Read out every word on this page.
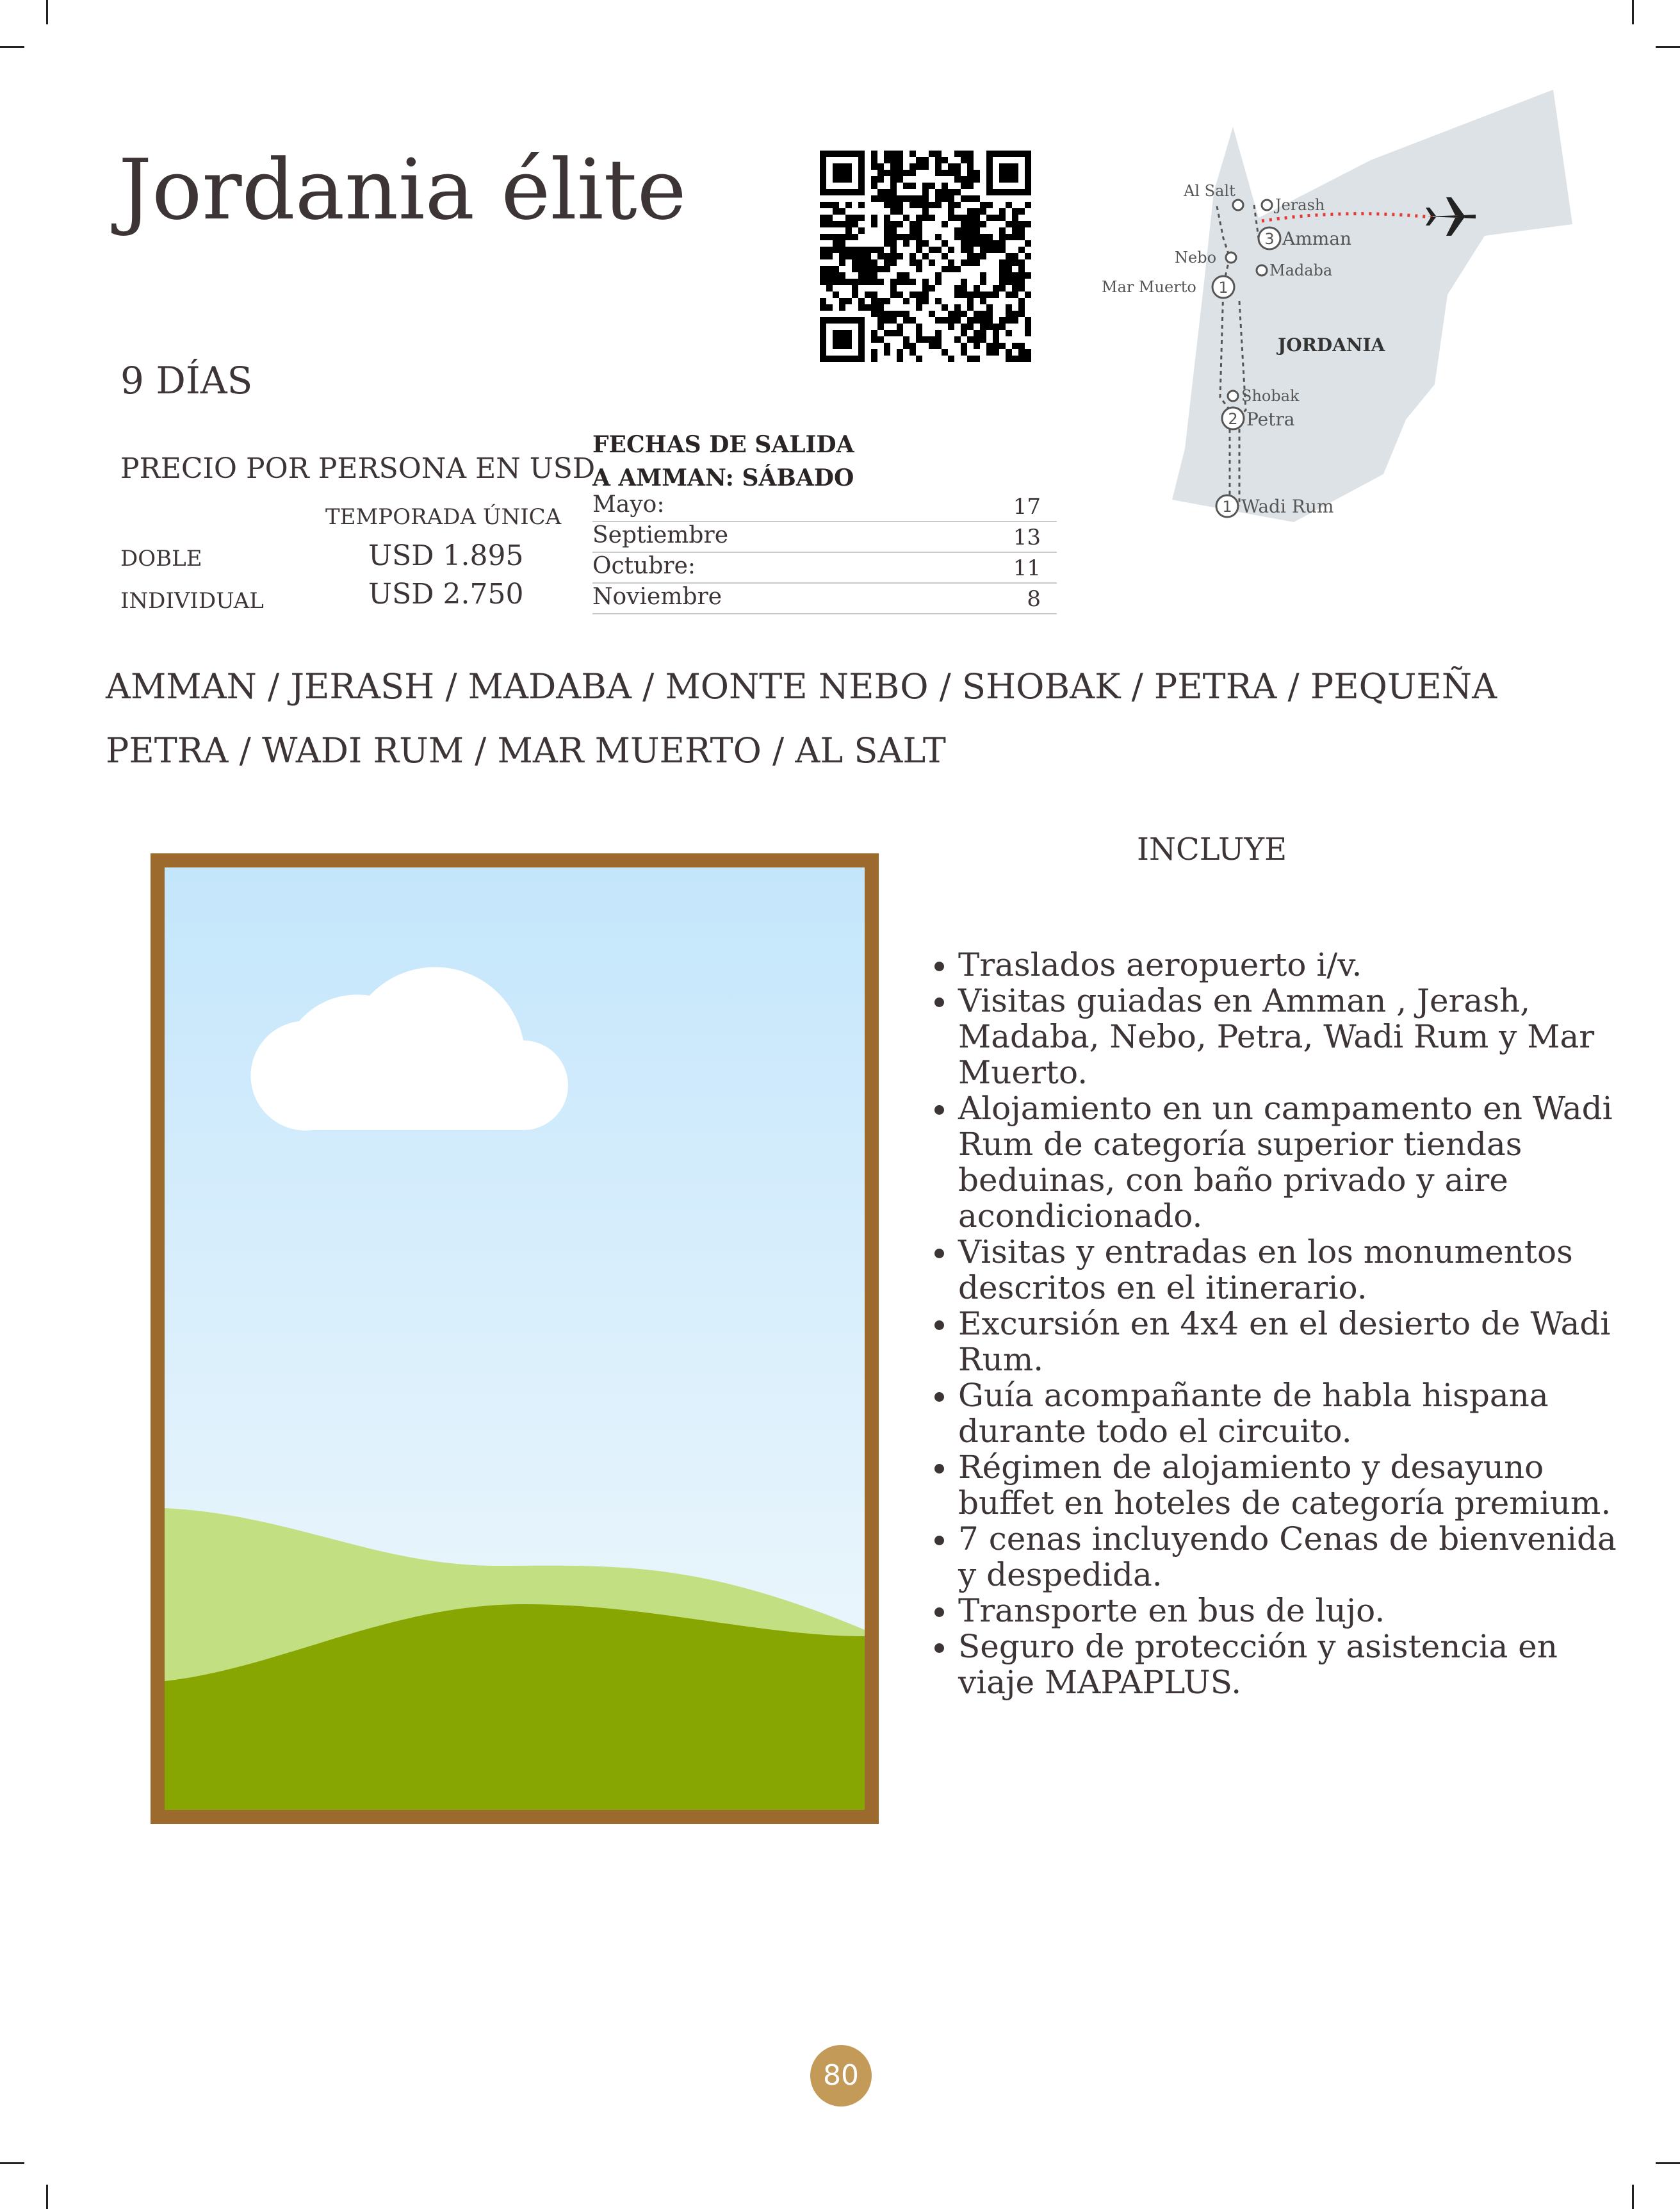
Jordania élite
3
1
2
1
Al Salt
Jerash
Amman
Nebo
Madaba
Mar Muerto
Shobak
Petra
Wadi Rum
JORDANIA
9 DÍAS
PRECIO POR PERSONA EN USD
TEMPORADA ÚNICA
DOBLE	USD 1.895
INDIVIDUAL	USD 2.750
FECHAS DE SALIDA
A AMMAN: SÁBADO
Mayo:	17
Septiembre	13
Octubre:	11
Noviembre	8
AMMAN / JERASH / MADABA / MONTE NEBO / SHOBAK / PETRA / PEQUEÑA PETRA / WADI RUM / MAR MUERTO / AL SALT
INCLUYE
• Traslados aeropuerto i/v.
• Visitas guiadas en Amman , Jerash, Madaba, Nebo, Petra, Wadi Rum y Mar Muerto.
• Alojamiento en un campamento en Wadi Rum de categoría superior tiendas beduinas, con baño privado y aire acondicionado.
• Visitas y entradas en los monumentos descritos en el itinerario.
• Excursión en 4x4 en el desierto de Wadi Rum.
• Guía acompañante de habla hispana durante todo el circuito.
• Régimen de alojamiento y desayuno buffet en hoteles de categoría premium.
• 7 cenas incluyendo Cenas de bienvenida y despedida.
• Transporte en bus de lujo.
• Seguro de protección y asistencia en viaje MAPAPLUS.
80
